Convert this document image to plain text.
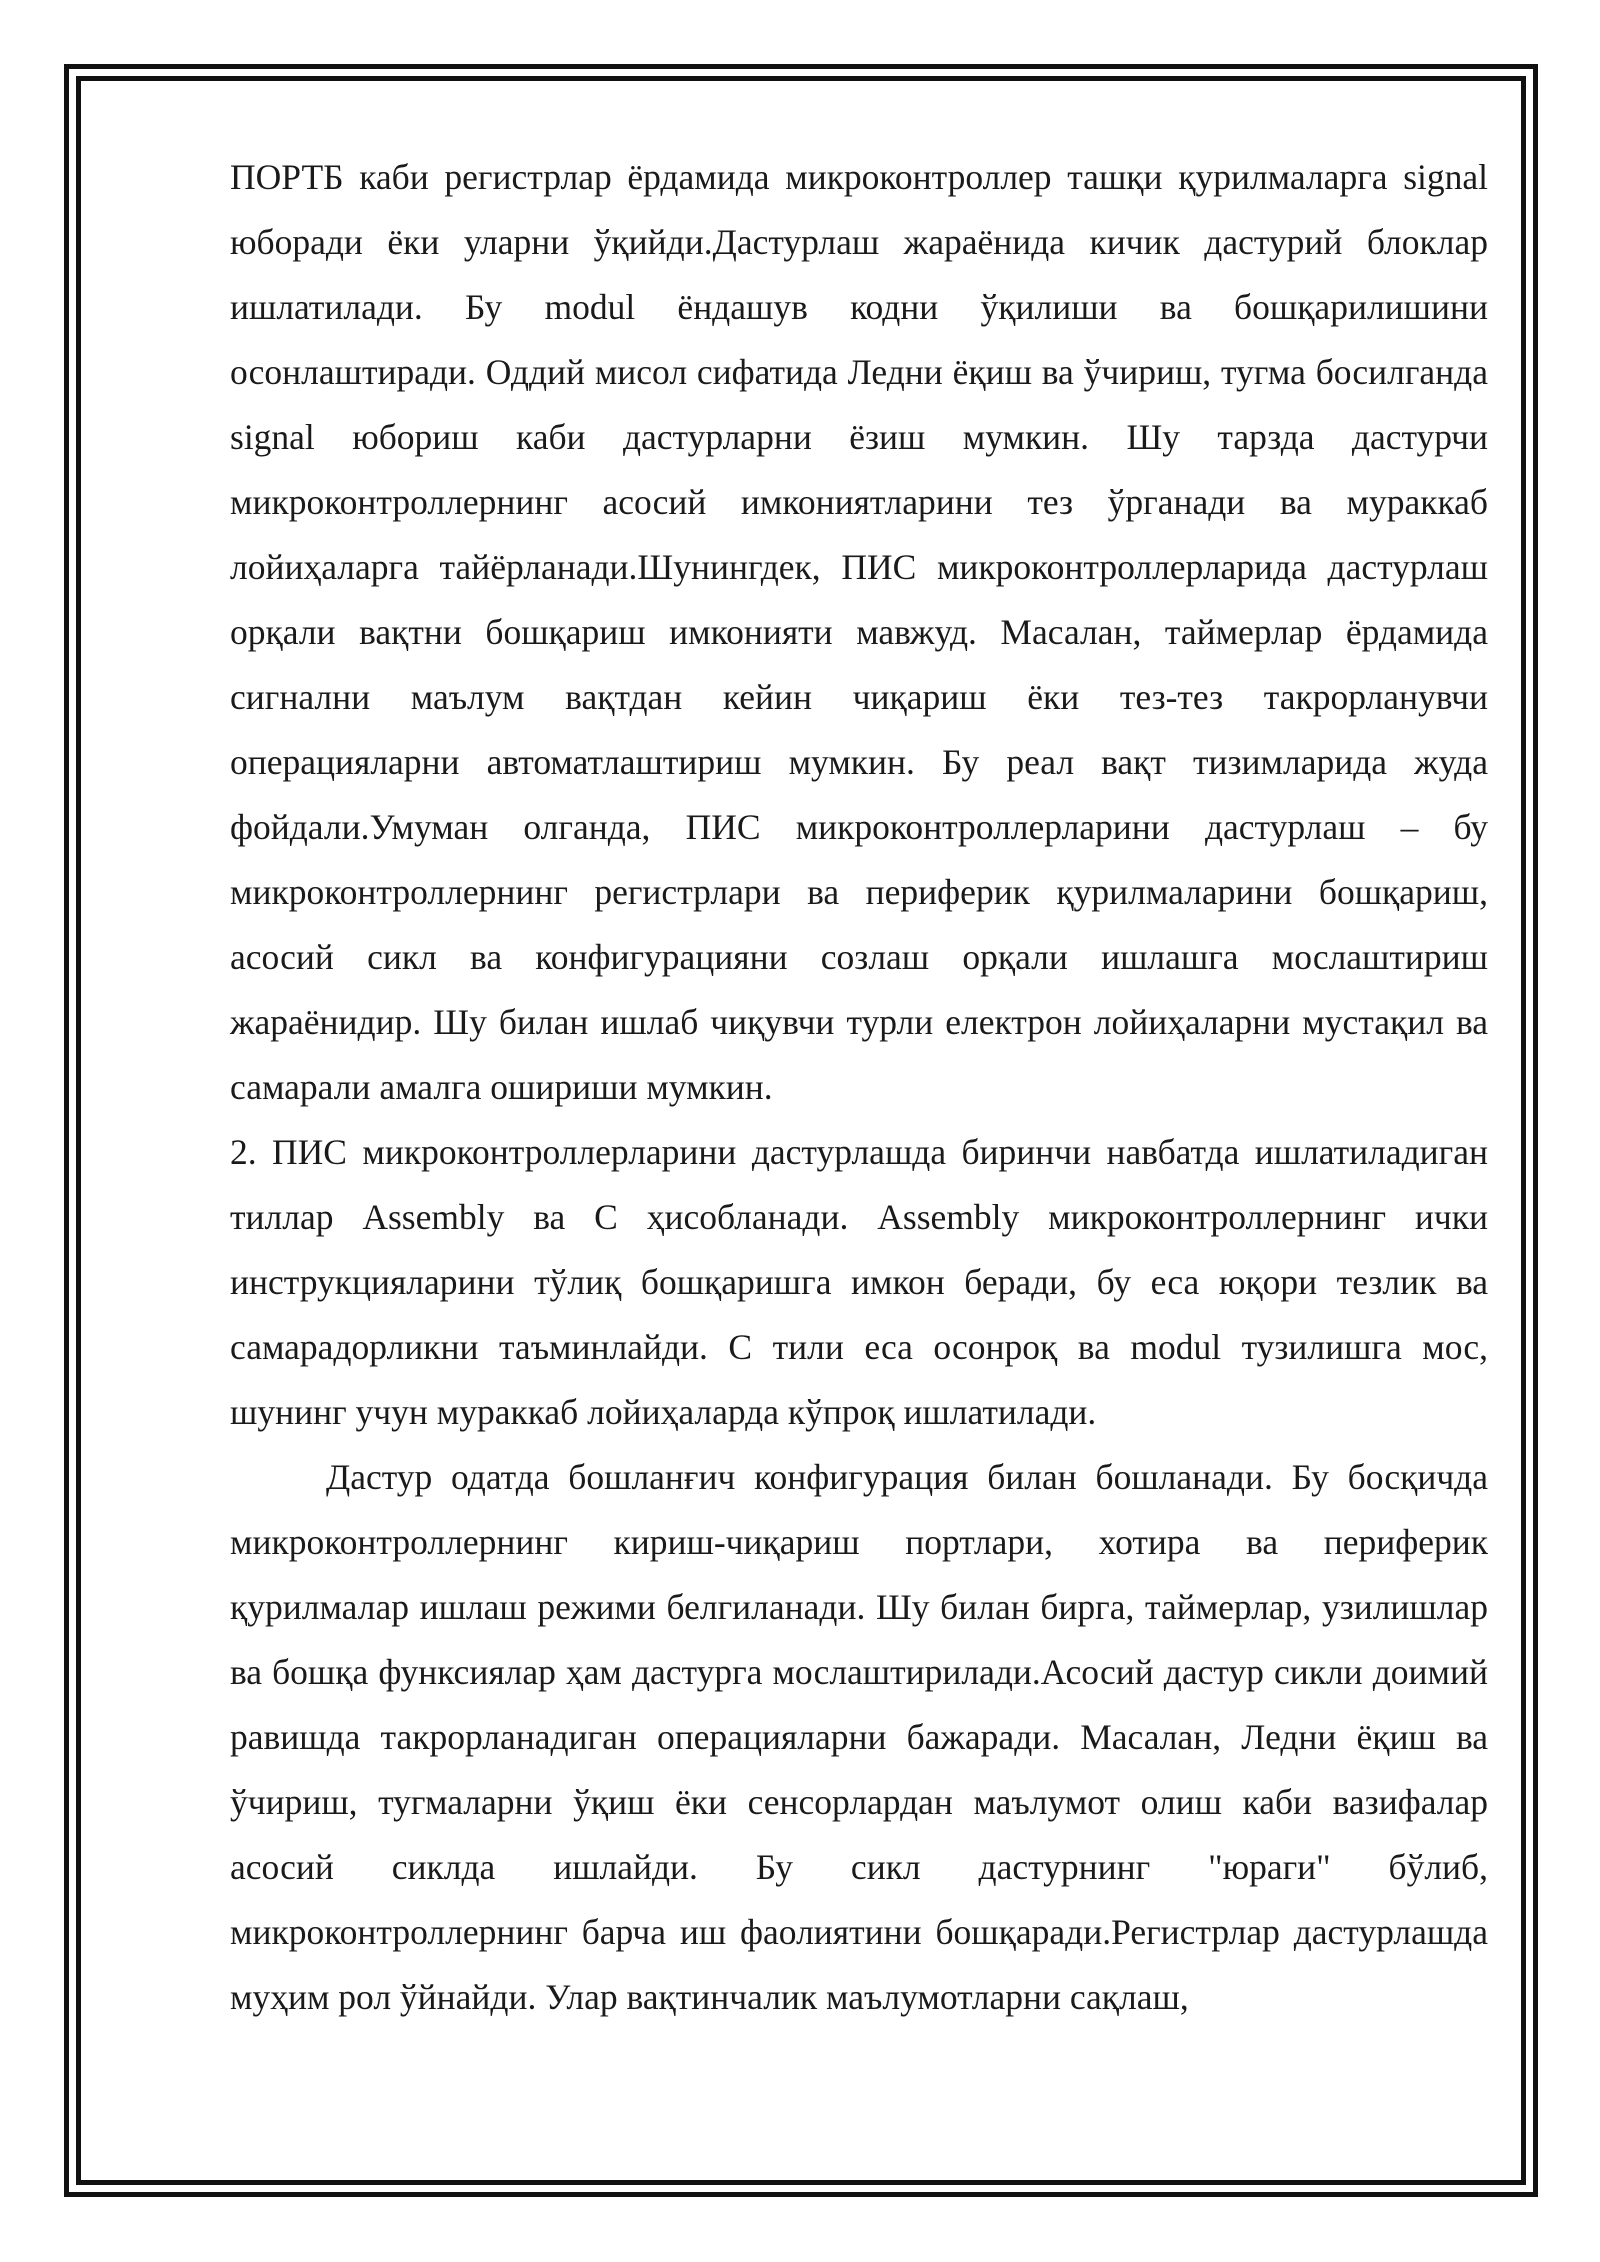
ПОРТБ каби регистрлар ёрдамида микроконтроллер ташқи қурилмаларга signal юборади ёки уларни ўқийди.Дастурлаш жараёнида кичик дастурий блоклар ишлатилади. Бу modul ёндашув кодни ўқилиши ва бошқарилишини осонлаштиради. Оддий мисол сифатида Ледни ёқиш ва ўчириш, тугма босилганда signal юбориш каби дастурларни ёзиш мумкин. Шу тарзда дастурчи микроконтроллернинг асосий имкониятларини тез ўрганади ва мураккаб лойиҳаларга тайёрланади.Шунингдек, ПИС микроконтроллерларида дастурлаш орқали вақтни бошқариш имконияти мавжуд. Масалан, таймерлар ёрдамида сигнални маълум вақтдан кейин чиқариш ёки тез-тез такрорланувчи операцияларни автоматлаштириш мумкин. Бу реал вақт тизимларида жуда фойдали.Умуман олганда, ПИС микроконтроллерларини дастурлаш – бу микроконтроллернинг регистрлари ва периферик қурилмаларини бошқариш, асосий сикл ва конфигурацияни созлаш орқали ишлашга мослаштириш жараёнидир. Шу билан ишлаб чиқувчи турли електрон лойиҳаларни мустақил ва самарали амалга ошириши мумкин.

2. ПИС микроконтроллерларини дастурлашда биринчи навбатда ишлатиладиган тиллар Assembly ва C ҳисобланади. Assembly микроконтроллернинг ички инструкцияларини тўлиқ бошқаришга имкон беради, бу еса юқори тезлик ва самарадорликни таъминлайди. C тили еса осонроқ ва modul тузилишга мос, шунинг учун мураккаб лойиҳаларда кўпроқ ишлатилади.

Дастур одатда бошланғич конфигурация билан бошланади. Бу босқичда микроконтроллернинг кириш-чиқариш портлари, хотира ва периферик қурилмалар ишлаш режими белгиланади. Шу билан бирга, таймерлар, узилишлар ва бошқа функсиялар ҳам дастурга мослаштирилади.Асосий дастур сикли доимий равишда такрорланадиган операцияларни бажаради. Масалан, Ледни ёқиш ва ўчириш, тугмаларни ўқиш ёки сенсорлардан маълумот олиш каби вазифалар асосий сиклда ишлайди. Бу сикл дастурнинг "юраги" бўлиб, микроконтроллернинг барча иш фаолиятини бошқаради.Регистрлар дастурлашда муҳим рол ўйнайди. Улар вақтинчалик маълумотларни сақлаш,
